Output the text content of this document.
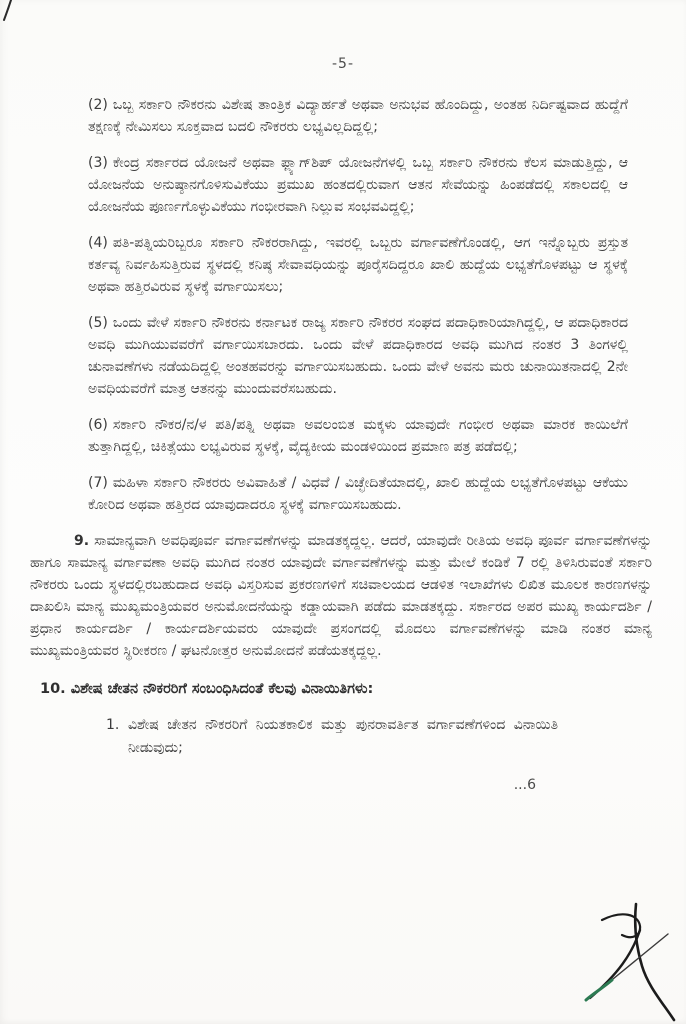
-5-

(2) ಒಬ್ಬ ಸರ್ಕಾರಿ ನೌಕರನು ವಿಶೇಷ ತಾಂತ್ರಿಕ ವಿದ್ಯಾರ್ಹತೆ ಅಥವಾ ಅನುಭವ ಹೊಂದಿದ್ದು, ಅಂತಹ ನಿರ್ದಿಷ್ಟವಾದ ಹುದ್ದೆಗೆ ತಕ್ಷಣಕ್ಕೆ ನೇಮಿಸಲು ಸೂಕ್ತವಾದ ಬದಲಿ ನೌಕರರು ಲಭ್ಯವಿಲ್ಲದಿದ್ದಲ್ಲಿ;

(3) ಕೇಂದ್ರ ಸರ್ಕಾರದ ಯೋಜನೆ ಅಥವಾ ಫ್ಲ್ಯಾಗ್‌ಶಿಪ್ ಯೋಜನೆಗಳಲ್ಲಿ ಒಬ್ಬ ಸರ್ಕಾರಿ ನೌಕರನು ಕೆಲಸ ಮಾಡುತ್ತಿದ್ದು, ಆ ಯೋಜನೆಯ ಅನುಷ್ಠಾನಗೊಳಿಸುವಿಕೆಯು ಪ್ರಮುಖ ಹಂತದಲ್ಲಿರುವಾಗ ಆತನ ಸೇವೆಯನ್ನು ಹಿಂಪಡೆದಲ್ಲಿ ಸಕಾಲದಲ್ಲಿ ಆ ಯೋಜನೆಯ ಪೂರ್ಣಗೊಳ್ಳುವಿಕೆಯು ಗಂಭೀರವಾಗಿ ನಿಲ್ಲುವ ಸಂಭವವಿದ್ದಲ್ಲಿ;

(4) ಪತಿ-ಪತ್ನಿಯರಿಬ್ಬರೂ ಸರ್ಕಾರಿ ನೌಕರರಾಗಿದ್ದು, ಇವರಲ್ಲಿ ಒಬ್ಬರು ವರ್ಗಾವಣೆಗೊಂಡಲ್ಲಿ, ಆಗ ಇನ್ನೊಬ್ಬರು ಪ್ರಸ್ತುತ ಕರ್ತವ್ಯ ನಿರ್ವಹಿಸುತ್ತಿರುವ ಸ್ಥಳದಲ್ಲಿ ಕನಿಷ್ಠ ಸೇವಾವಧಿಯನ್ನು ಪೂರೈಸದಿದ್ದರೂ ಖಾಲಿ ಹುದ್ದೆಯ ಲಭ್ಯತೆಗೊಳಪಟ್ಟು ಆ ಸ್ಥಳಕ್ಕೆ ಅಥವಾ ಹತ್ತಿರವಿರುವ ಸ್ಥಳಕ್ಕೆ ವರ್ಗಾಯಿಸಲು;

(5) ಒಂದು ವೇಳೆ ಸರ್ಕಾರಿ ನೌಕರನು ಕರ್ನಾಟಕ ರಾಜ್ಯ ಸರ್ಕಾರಿ ನೌಕರರ ಸಂಘದ ಪದಾಧಿಕಾರಿಯಾಗಿದ್ದಲ್ಲಿ, ಆ ಪದಾಧಿಕಾರದ ಅವಧಿ ಮುಗಿಯುವವರೆಗೆ ವರ್ಗಾಯಿಸಬಾರದು. ಒಂದು ವೇಳೆ ಪದಾಧಿಕಾರದ ಅವಧಿ ಮುಗಿದ ನಂತರ 3 ತಿಂಗಳಲ್ಲಿ ಚುನಾವಣೆಗಳು ನಡೆಯದಿದ್ದಲ್ಲಿ ಅಂತಹವರನ್ನು ವರ್ಗಾಯಿಸಬಹುದು. ಒಂದು ವೇಳೆ ಅವನು ಮರು ಚುನಾಯಿತನಾದಲ್ಲಿ 2ನೇ ಅವಧಿಯವರೆಗೆ ಮಾತ್ರ ಆತನನ್ನು ಮುಂದುವರೆಸಬಹುದು.

(6) ಸರ್ಕಾರಿ ನೌಕರ/ನ/ಳ ಪತಿ/ಪತ್ನಿ ಅಥವಾ ಅವಲಂಬಿತ ಮಕ್ಕಳು ಯಾವುದೇ ಗಂಭೀರ ಅಥವಾ ಮಾರಕ ಕಾಯಿಲೆಗೆ ತುತ್ತಾಗಿದ್ದಲ್ಲಿ, ಚಿಕಿತ್ಸೆಯು ಲಭ್ಯವಿರುವ ಸ್ಥಳಕ್ಕೆ, ವೈದ್ಯಕೀಯ ಮಂಡಳಿಯಿಂದ ಪ್ರಮಾಣ ಪತ್ರ ಪಡೆದಲ್ಲಿ;

(7) ಮಹಿಳಾ ಸರ್ಕಾರಿ ನೌಕರರು ಅವಿವಾಹಿತೆ / ವಿಧವೆ / ವಿಚ್ಛೇದಿತೆಯಾದಲ್ಲಿ, ಖಾಲಿ ಹುದ್ದೆಯ ಲಭ್ಯತೆಗೊಳಪಟ್ಟು ಆಕೆಯು ಕೋರಿದ ಅಥವಾ ಹತ್ತಿರದ ಯಾವುದಾದರೂ ಸ್ಥಳಕ್ಕೆ ವರ್ಗಾಯಿಸಬಹುದು.

9. ಸಾಮಾನ್ಯವಾಗಿ ಅವಧಿಪೂರ್ವ ವರ್ಗಾವಣೆಗಳನ್ನು ಮಾಡತಕ್ಕದ್ದಲ್ಲ. ಆದರೆ, ಯಾವುದೇ ರೀತಿಯ ಅವಧಿ ಪೂರ್ವ ವರ್ಗಾವಣೆಗಳನ್ನು ಹಾಗೂ ಸಾಮಾನ್ಯ ವರ್ಗಾವಣಾ ಅವಧಿ ಮುಗಿದ ನಂತರ ಯಾವುದೇ ವರ್ಗಾವಣೆಗಳನ್ನು ಮತ್ತು ಮೇಲೆ ಕಂಡಿಕೆ 7 ರಲ್ಲಿ ತಿಳಿಸಿರುವಂತೆ ಸರ್ಕಾರಿ ನೌಕರರು ಒಂದು ಸ್ಥಳದಲ್ಲಿರಬಹುದಾದ ಅವಧಿ ವಿಸ್ತರಿಸುವ ಪ್ರಕರಣಗಳಿಗೆ ಸಚಿವಾಲಯದ ಆಡಳಿತ ಇಲಾಖೆಗಳು ಲಿಖಿತ ಮೂಲಕ ಕಾರಣಗಳನ್ನು ದಾಖಲಿಸಿ ಮಾನ್ಯ ಮುಖ್ಯಮಂತ್ರಿಯವರ ಅನುಮೋದನೆಯನ್ನು ಕಡ್ಡಾಯವಾಗಿ ಪಡೆದು ಮಾಡತಕ್ಕದ್ದು. ಸರ್ಕಾರದ ಅಪರ ಮುಖ್ಯ ಕಾರ್ಯದರ್ಶಿ / ಪ್ರಧಾನ ಕಾರ್ಯದರ್ಶಿ / ಕಾರ್ಯದರ್ಶಿಯವರು ಯಾವುದೇ ಪ್ರಸಂಗದಲ್ಲಿ ಮೊದಲು ವರ್ಗಾವಣೆಗಳನ್ನು ಮಾಡಿ ನಂತರ ಮಾನ್ಯ ಮುಖ್ಯಮಂತ್ರಿಯವರ ಸ್ಥಿರೀಕರಣ / ಘಟನೋತ್ತರ ಅನುಮೋದನೆ ಪಡೆಯತಕ್ಕದ್ದಲ್ಲ.

10. ವಿಶೇಷ ಚೇತನ ನೌಕರರಿಗೆ ಸಂಬಂಧಿಸಿದಂತೆ ಕೆಲವು ವಿನಾಯಿತಿಗಳು:
1. ವಿಶೇಷ ಚೇತನ ನೌಕರರಿಗೆ ನಿಯತಕಾಲಿಕ ಮತ್ತು ಪುನರಾವರ್ತಿತ ವರ್ಗಾವಣೆಗಳಿಂದ ವಿನಾಯಿತಿ ನೀಡುವುದು;
...6
